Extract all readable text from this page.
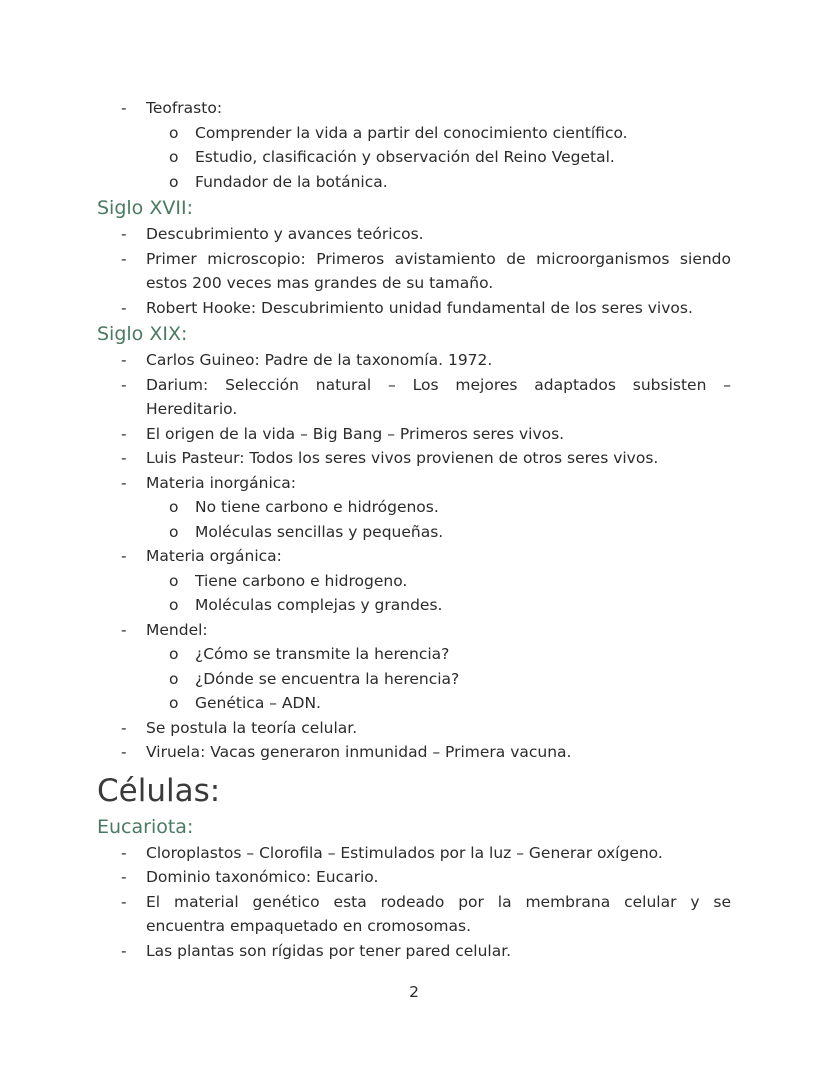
- Teofrasto:
o Comprender la vida a partir del conocimiento científico.
o Estudio, clasificación y observación del Reino Vegetal.
o Fundador de la botánica.
Siglo XVII:
- Descubrimiento y avances teóricos.
- Primer microscopio: Primeros avistamiento de microorganismos siendo
estos 200 veces mas grandes de su tamaño.
- Robert Hooke: Descubrimiento unidad fundamental de los seres vivos.
Siglo XIX:
- Carlos Guineo: Padre de la taxonomía. 1972.
- Darium: Selección natural – Los mejores adaptados subsisten –
Hereditario.
- El origen de la vida – Big Bang – Primeros seres vivos.
- Luis Pasteur: Todos los seres vivos provienen de otros seres vivos.
- Materia inorgánica:
o No tiene carbono e hidrógenos.
o Moléculas sencillas y pequeñas.
- Materia orgánica:
o Tiene carbono e hidrogeno.
o Moléculas complejas y grandes.
- Mendel:
o ¿Cómo se transmite la herencia?
o ¿Dónde se encuentra la herencia?
o Genética – ADN.
- Se postula la teoría celular.
- Viruela: Vacas generaron inmunidad – Primera vacuna.
Células:
Eucariota:
- Cloroplastos – Clorofila – Estimulados por la luz – Generar oxígeno.
- Dominio taxonómico: Eucario.
- El material genético esta rodeado por la membrana celular y se
encuentra empaquetado en cromosomas.
- Las plantas son rígidas por tener pared celular.
2
